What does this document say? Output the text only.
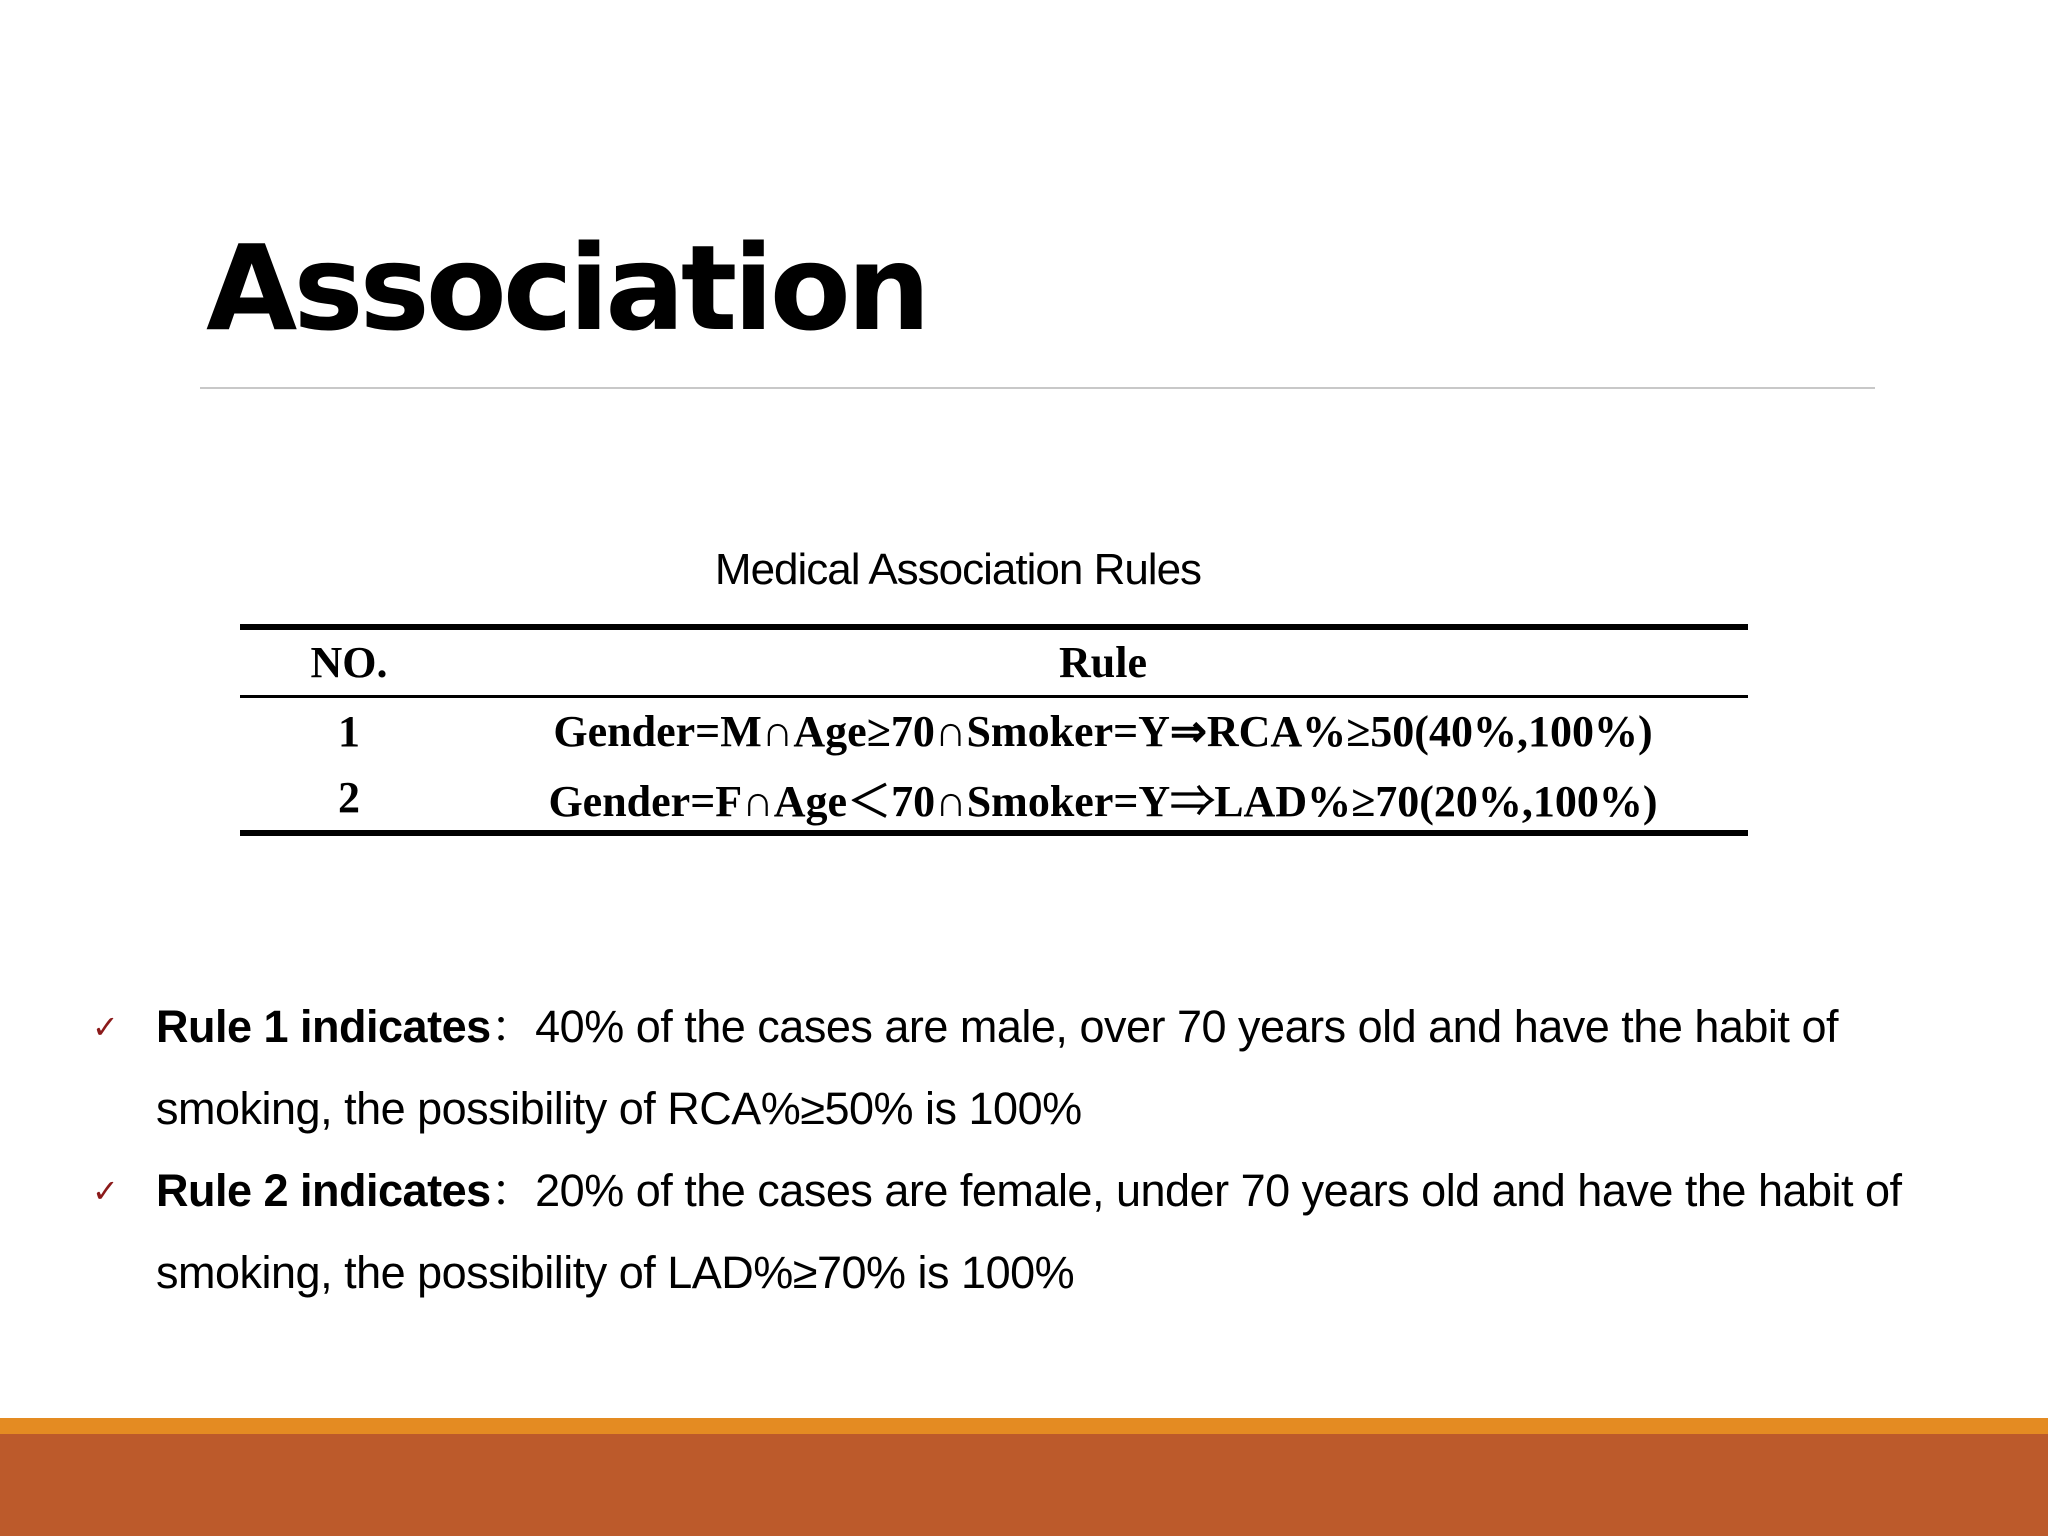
Association
Medical Association Rules
NO.	Rule
1	Gender=M∩Age≥70∩Smoker=Y⇒RCA%≥50(40%,100%)
2	Gender=F∩Age＜70∩Smoker=Y⇒LAD%≥70(20%,100%)
✓ Rule 1 indicates：40% of the cases are male, over 70 years old and have the habit of smoking, the possibility of RCA%≥50% is 100%
✓ Rule 2 indicates：20% of the cases are female, under 70 years old and have the habit of smoking, the possibility of LAD%≥70% is 100%
